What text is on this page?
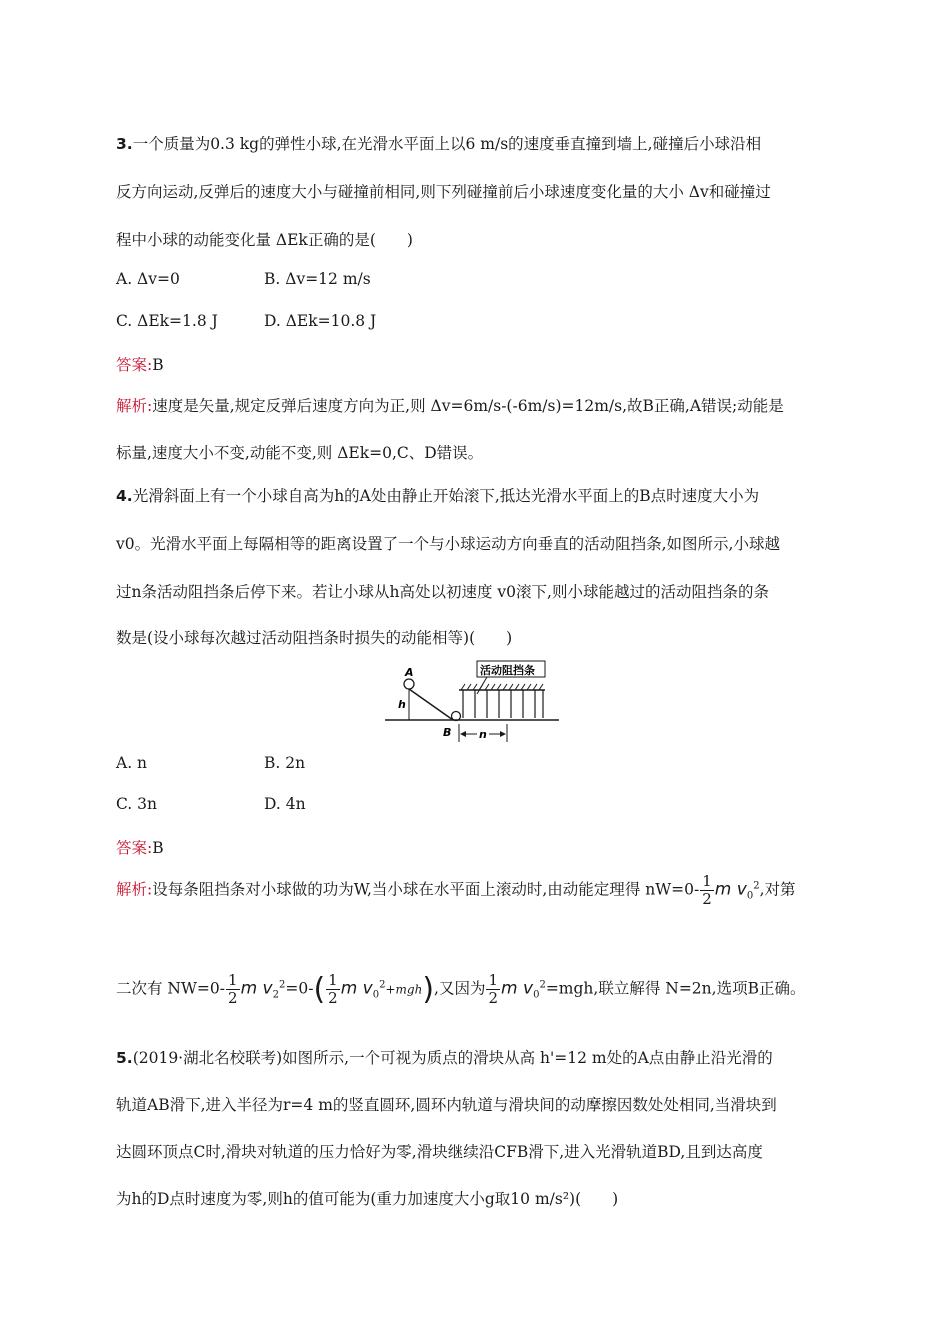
3.一个质量为0.3 kg的弹性小球,在光滑水平面上以6 m/s的速度垂直撞到墙上,碰撞后小球沿相
反方向运动,反弹后的速度大小与碰撞前相同,则下列碰撞前后小球速度变化量的大小 Δv和碰撞过
程中小球的动能变化量 ΔEk正确的是(　　)
A. Δv=0	B. Δv=12 m/s
C. ΔEk=1.8 J	D. ΔEk=10.8 J
答案:B
解析:速度是矢量,规定反弹后速度方向为正,则 Δv=6m/s-(-6m/s)=12m/s,故B正确,A错误;动能是
标量,速度大小不变,动能不变,则 ΔEk=0,C、D错误。
4.光滑斜面上有一个小球自高为h的A处由静止开始滚下,抵达光滑水平面上的B点时速度大小为
v0。光滑水平面上每隔相等的距离设置了一个与小球运动方向垂直的活动阻挡条,如图所示,小球越
过n条活动阻挡条后停下来。若让小球从h高处以初速度 v0滚下,则小球能越过的活动阻挡条的条
数是(设小球每次越过活动阻挡条时损失的动能相等)(　　)
A
h
B
活动阻挡条
n
A. n	B. 2n
C. 3n	D. 4n
答案:B
解析:设每条阻挡条对小球做的功为W,当小球在水平面上滚动时,由动能定理得 $nW=0- \frac{1}{2}$ m $v_0^2$,对第
二次有 $NW=0- \frac{1}{2}$ m $v_2^2=0-( \frac{1}{2}$ m $v_0^2+mgh$),又因为 $\frac{1}{2}$ m $v_0^2=mgh$,联立解得 N=2n,选项B正确。
5.(2019·湖北名校联考)如图所示,一个可视为质点的滑块从高 h'=12 m处的A点由静止沿光滑的
轨道AB滑下,进入半径为r=4 m的竖直圆环,圆环内轨道与滑块间的动摩擦因数处处相同,当滑块到
达圆环顶点C时,滑块对轨道的压力恰好为零,滑块继续沿CFB滑下,进入光滑轨道BD,且到达高度
为h的D点时速度为零,则h的值可能为(重力加速度大小g取10 m/s²)(　　)
